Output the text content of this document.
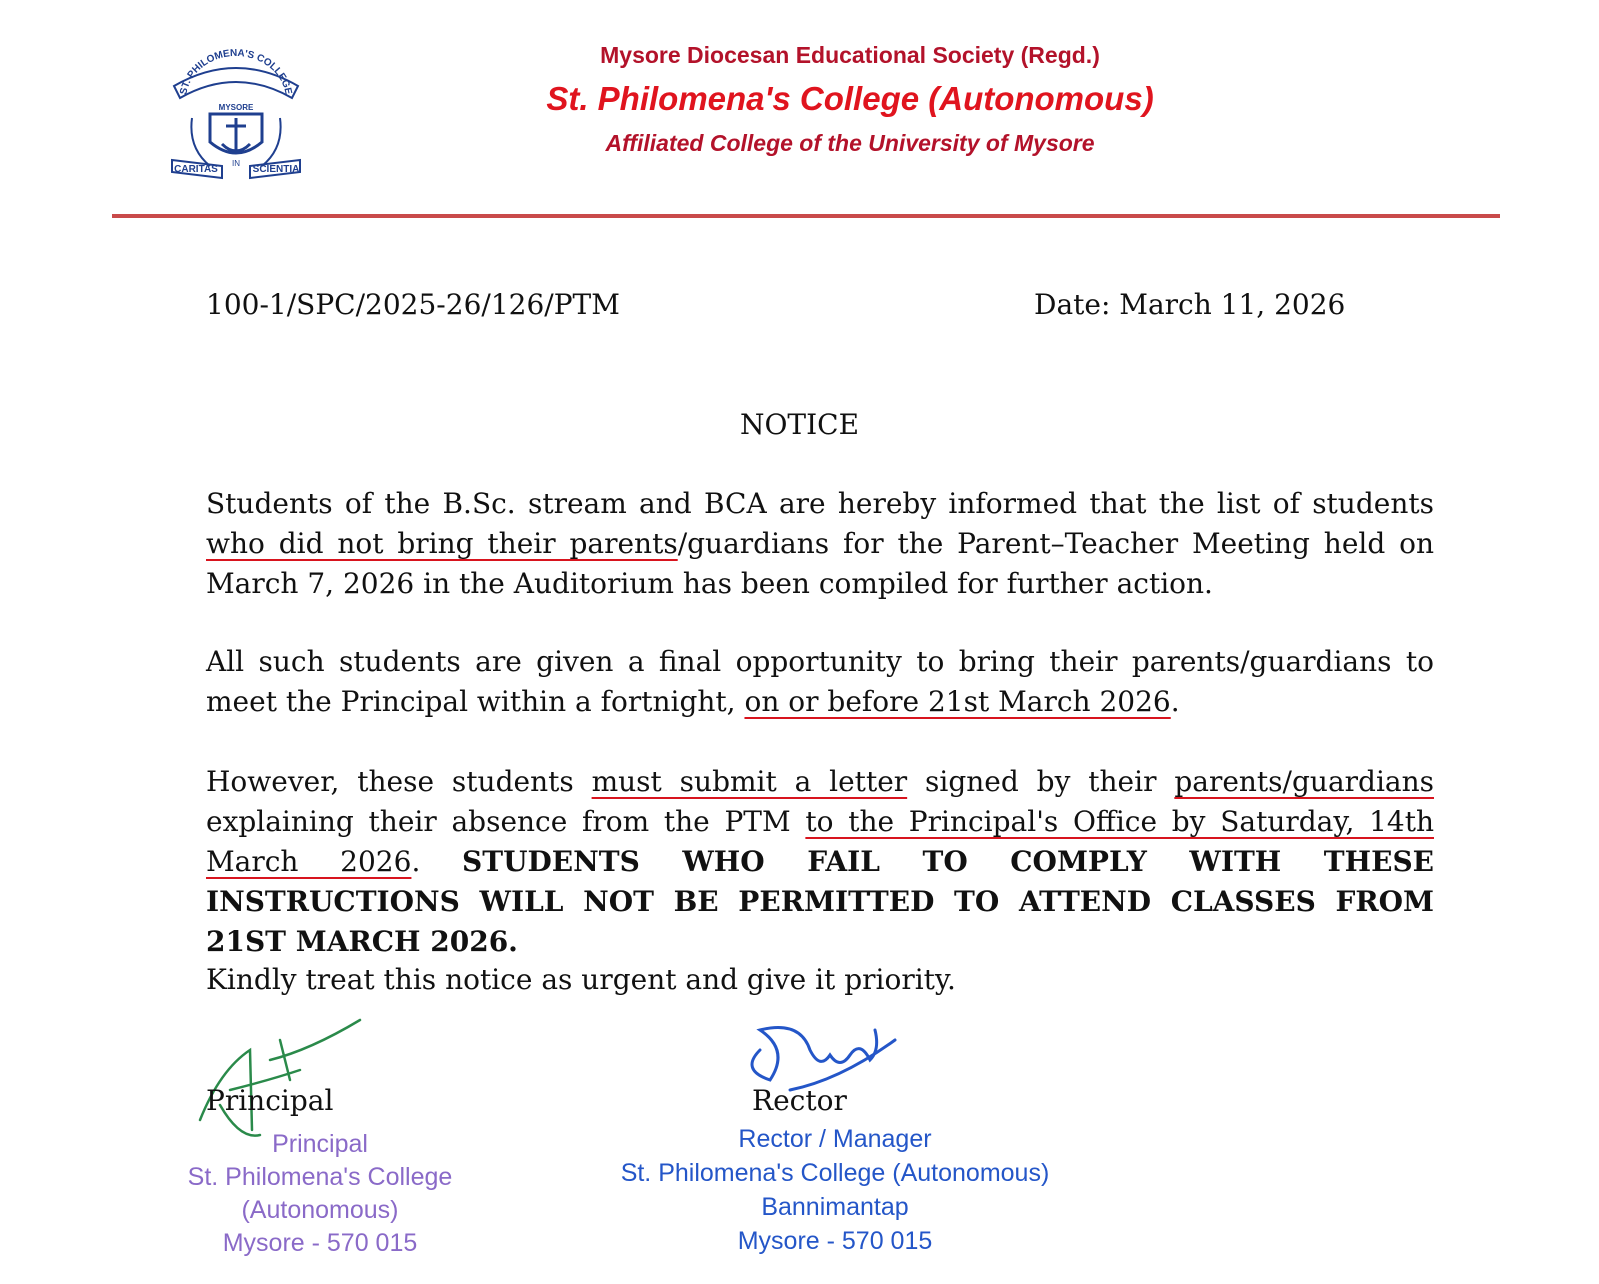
ST. PHILOMENA'S COLLEGE
MYSORE
CARITAS
IN
SCIENTIA
Mysore Diocesan Educational Society (Regd.)
St. Philomena's College (Autonomous)
Affiliated College of the University of Mysore
100-1/SPC/2025-26/126/PTM	Date: March 11, 2026
NOTICE

Students of the B.Sc. stream and BCA are hereby informed that the list of students who did not bring their parents/guardians for the Parent–Teacher Meeting held on March 7, 2026 in the Auditorium has been compiled for further action.

All such students are given a final opportunity to bring their parents/guardians to meet the Principal within a fortnight, on or before 21st March 2026.

However, these students must submit a letter signed by their parents/guardians explaining their absence from the PTM to the Principal's Office by Saturday, 14th March 2026. STUDENTS WHO FAIL TO COMPLY WITH THESE INSTRUCTIONS WILL NOT BE PERMITTED TO ATTEND CLASSES FROM 21ST MARCH 2026.

Kindly treat this notice as urgent and give it priority.

Principal	Rector
Principal
St. Philomena's College (Autonomous)
Mysore - 570 015
Rector / Manager
St. Philomena's College (Autonomous)
Bannimantap
Mysore - 570 015
